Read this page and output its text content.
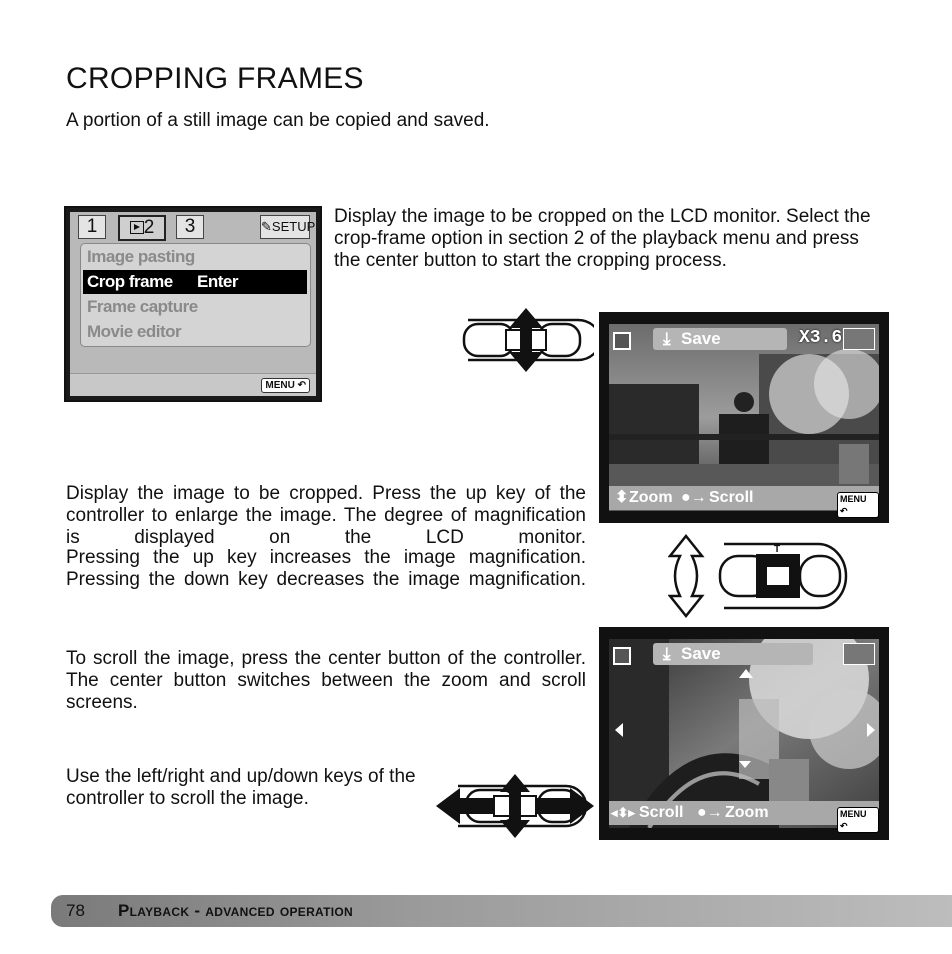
CROPPING FRAMES
A portion of a still image can be copied and saved.
1	2	3	✎SETUP
Image pasting
Crop frame Enter
Frame capture
Movie editor
MENU ↶
Display the image to be cropped on the LCD monitor. Select the crop-frame option in section 2 of the playback menu and press the center button to start the cropping process.
Save
⤓	X3.6
⬍ Zoom ●→ Scroll	MENU ↶
Display the image to be cropped. Press the up key of the controller to enlarge the image. The degree of magnification is displayed on the LCD monitor.
Pressing the up key increases the image magnification. Pressing the down key decreases the image magnification.
T
W
Save
⤓
◂⬍▸ Scroll ●→ Zoom	MENU ↶
To scroll the image, press the center button of the controller. The center button switches between the zoom and scroll screens.
Use the left/right and up/down keys of the controller to scroll the image.
78 Playback - advanced operation
